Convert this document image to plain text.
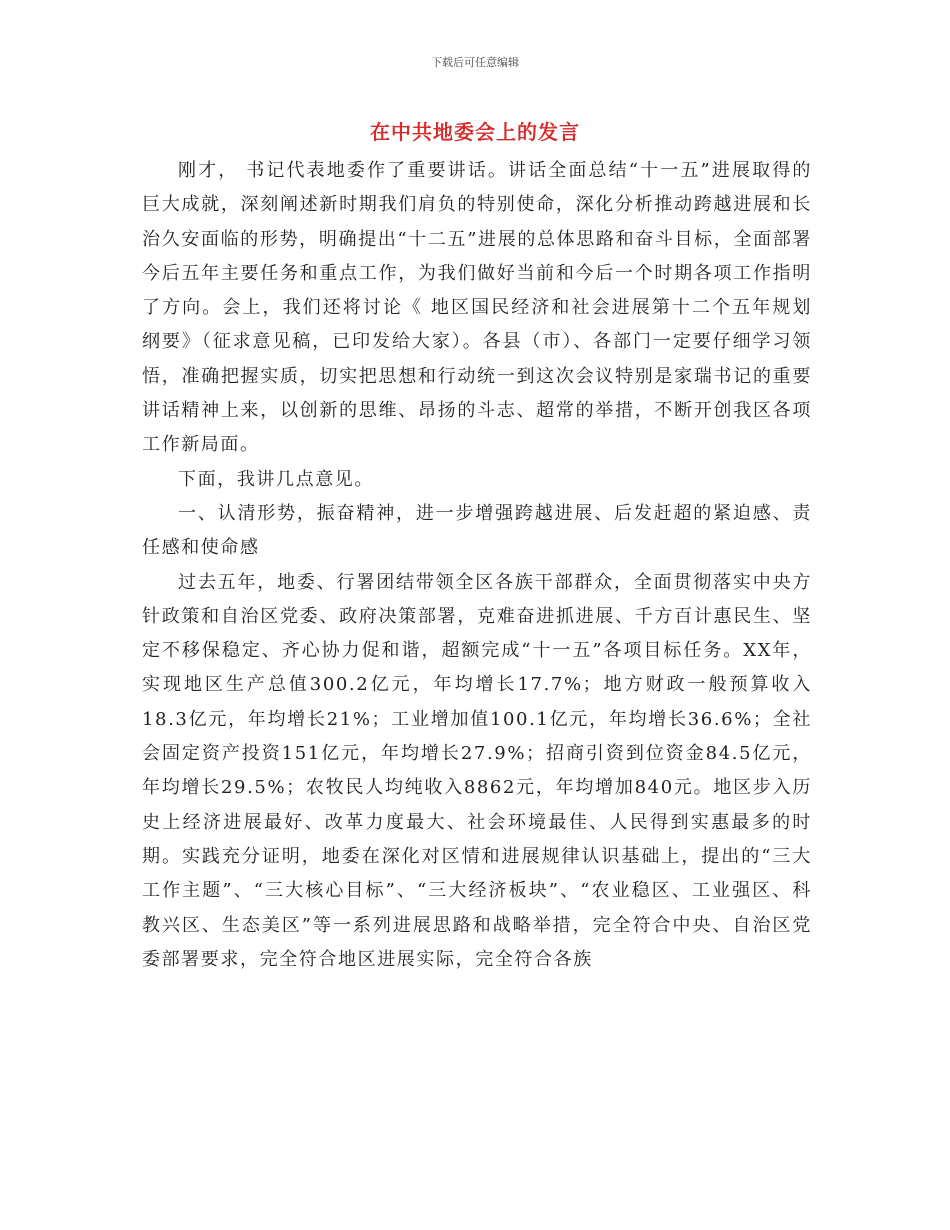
下载后可任意编辑
在中共地委会上的发言

刚才， 书记代表地委作了重要讲话。讲话全面总结“十一五”进展取得的巨大成就，深刻阐述新时期我们肩负的特别使命，深化分析推动跨越进展和长治久安面临的形势，明确提出“十二五”进展的总体思路和奋斗目标，全面部署今后五年主要任务和重点工作，为我们做好当前和今后一个时期各项工作指明了方向。会上，我们还将讨论《 地区国民经济和社会进展第十二个五年规划纲要》（征求意见稿，已印发给大家）。各县（市）、各部门一定要仔细学习领悟，准确把握实质，切实把思想和行动统一到这次会议特别是家瑞书记的重要讲话精神上来，以创新的思维、昂扬的斗志、超常的举措，不断开创我区各项工作新局面。

下面，我讲几点意见。

一、认清形势，振奋精神，进一步增强跨越进展、后发赶超的紧迫感、责任感和使命感

过去五年，地委、行署团结带领全区各族干部群众，全面贯彻落实中央方针政策和自治区党委、政府决策部署，克难奋进抓进展、千方百计惠民生、坚定不移保稳定、齐心协力促和谐，超额完成“十一五”各项目标任务。XX年，实现地区生产总值300.2亿元，年均增长17.7%；地方财政一般预算收入18.3亿元，年均增长21%；工业增加值100.1亿元，年均增长36.6%；全社会固定资产投资151亿元，年均增长27.9%；招商引资到位资金84.5亿元，年均增长29.5%；农牧民人均纯收入8862元，年均增加840元。地区步入历史上经济进展最好、改革力度最大、社会环境最佳、人民得到实惠最多的时期。实践充分证明，地委在深化对区情和进展规律认识基础上，提出的“三大工作主题”、“三大核心目标”、“三大经济板块”、“农业稳区、工业强区、科教兴区、生态美区”等一系列进展思路和战略举措，完全符合中央、自治区党委部署要求，完全符合地区进展实际，完全符合各族
